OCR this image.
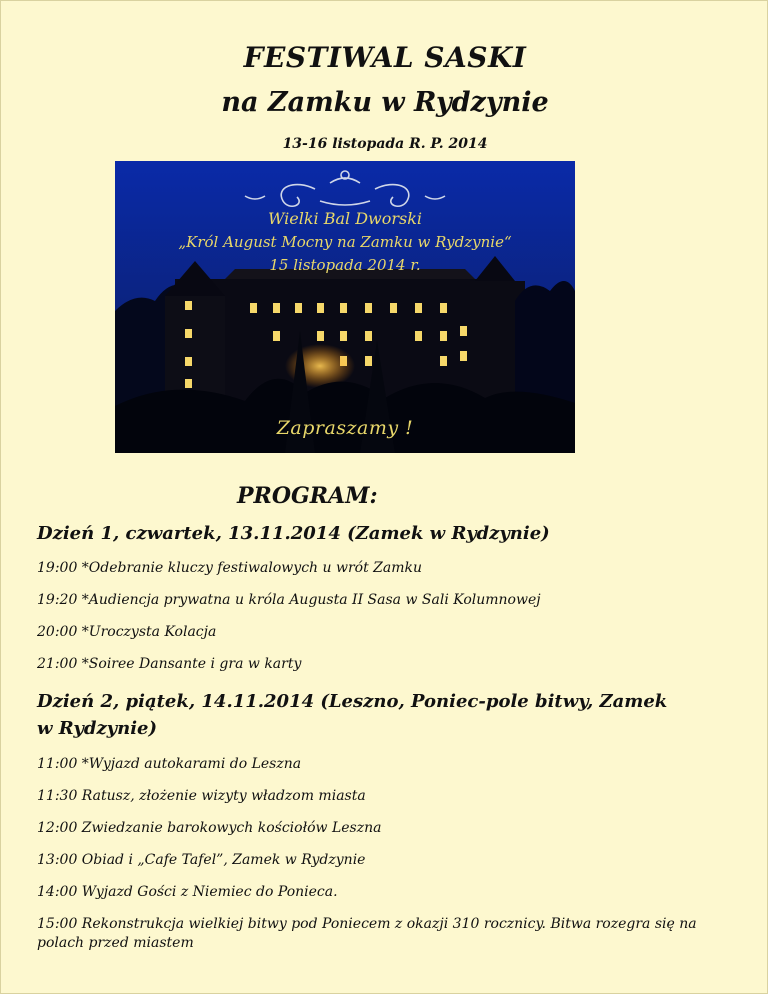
FESTIWAL SASKI
na Zamku w Rydzynie
13-16 listopada R. P. 2014
Wielki Bal Dworski
„Król August Mocny na Zamku w Rydzynie“
15 listopada 2014 r.
Zapraszamy !
PROGRAM:
Dzień 1, czwartek, 13.11.2014 (Zamek w Rydzynie)
19:00 *Odebranie kluczy festiwalowych u wrót Zamku
19:20 *Audiencja prywatna u króla Augusta II Sasa w Sali Kolumnowej
20:00 *Uroczysta Kolacja
21:00 *Soiree Dansante i gra w karty
Dzień 2, piątek, 14.11.2014 (Leszno, Poniec-pole bitwy, Zamek w Rydzynie)
11:00 *Wyjazd autokarami do Leszna
11:30 Ratusz, złożenie wizyty władzom miasta
12:00 Zwiedzanie barokowych kościołów Leszna
13:00 Obiad i „Cafe Tafel”, Zamek w Rydzynie
14:00 Wyjazd Gości z Niemiec do Ponieca.
15:00 Rekonstrukcja wielkiej bitwy pod Poniecem z okazji 310 rocznicy. Bitwa rozegra się na polach przed miastem
